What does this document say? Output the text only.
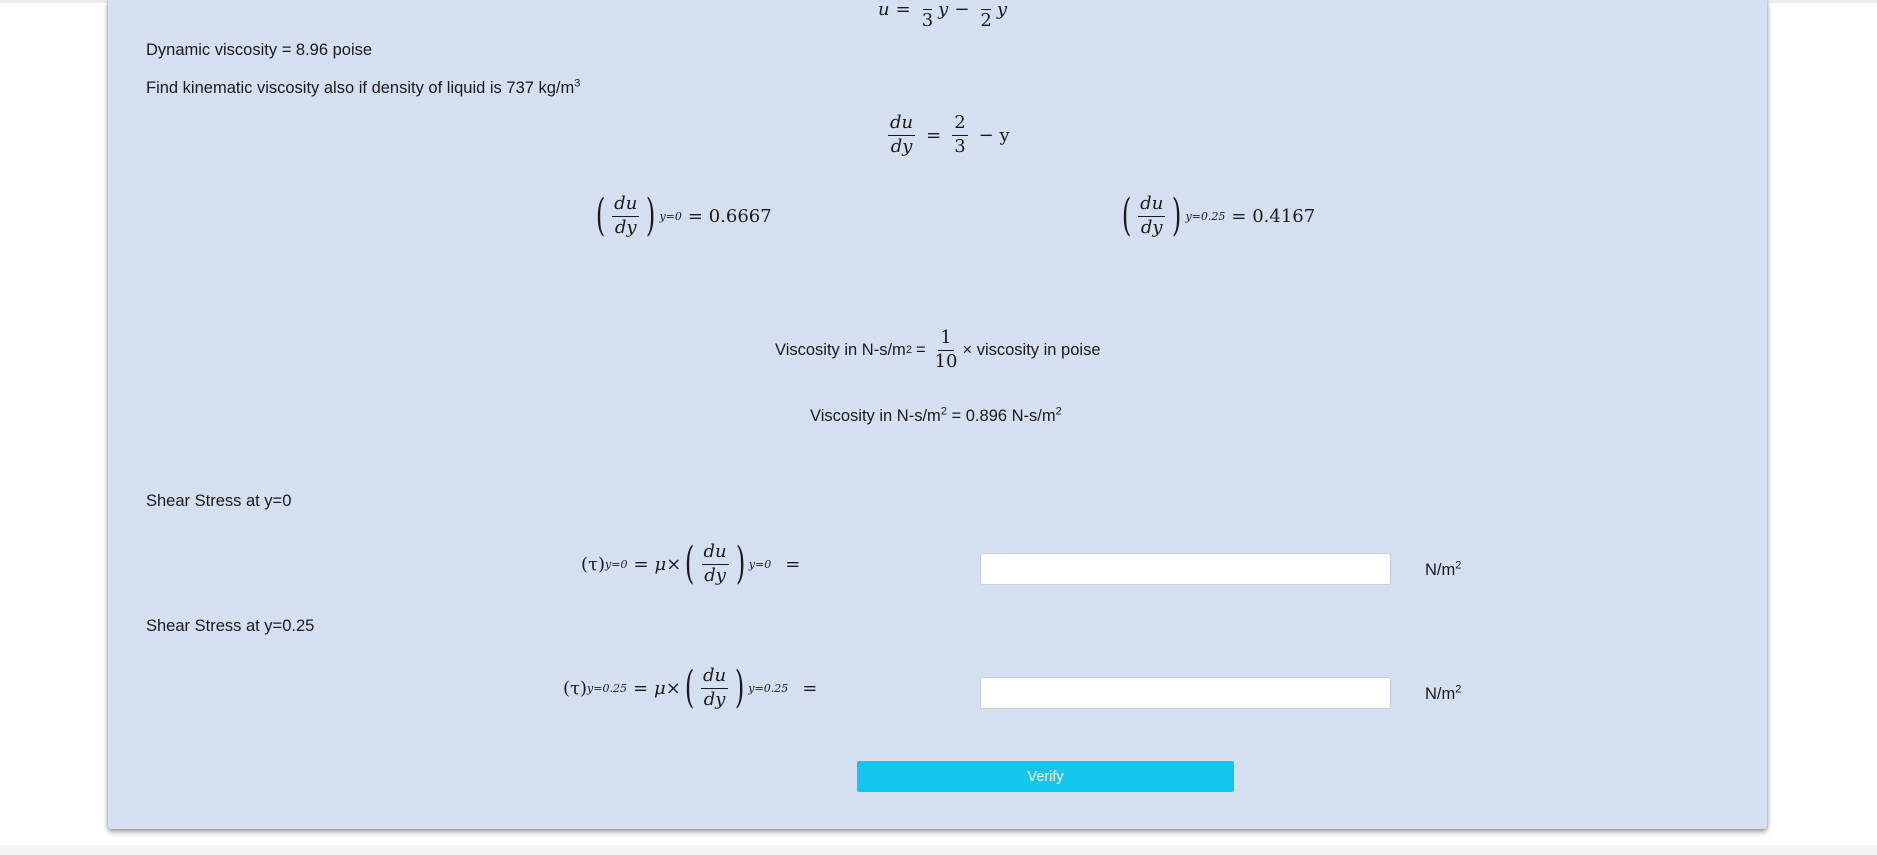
u =

3
y −

2
y
Dynamic viscosity = 8.96 poise
Find kinematic viscosity also if density of liquid is 737 $kg/m^3$
$\frac{du}{dy} = \frac{2}{3} - y$
( $\frac{du}{dy}$ ) y=0 = 0.6667	( $\frac{du}{dy}$ ) y=0.25 = 0.4167
Viscosity in N-s/m $2 = \frac{1}{10}$ × viscosity in poise
Viscosity in $N-s/m^2 = 0.896$ $N-s/m^2$
Shear Stress at y=0
(τ) y=0 = μ× ( $\frac{du}{dy}$ ) y=0 =	$N/m^2$
Shear Stress at y=0.25
(τ) y=0.25 = μ× ( $\frac{du}{dy}$ ) y=0.25 =	$N/m^2$
Verify
